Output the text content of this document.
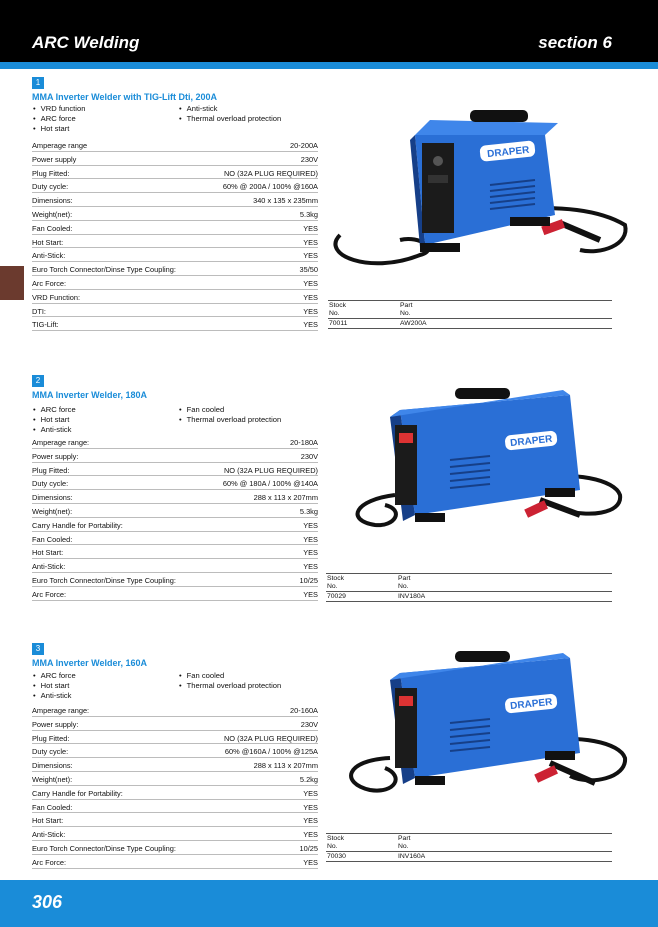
ARC Welding	section 6
1
MMA Inverter Welder with TIG-Lift Dti, 200A
• VRD function
• ARC force
• Hot start
• Anti-stick
• Thermal overload protection
Amperage range	20-200A
Power supply	230V
Plug Fitted:	NO (32A PLUG REQUIRED)
Duty cycle:	60% @ 200A / 100% @160A
Dimensions:	340 x 135 x 235mm
Weight(net):	5.3kg
Fan Cooled:	YES
Hot Start:	YES
Anti-Stick:	YES
Euro Torch Connector/Dinse Type Coupling:	35/50
Arc Force:	YES
VRD Function:	YES
DTI:	YES
TIG-Lift:	YES
Stock
No.
Part
No.
70011	AW200A
DRAPER
2
MMA Inverter Welder, 180A
• ARC force
• Hot start
• Anti-stick
• Fan cooled
• Thermal overload protection
Amperage range:	20-180A
Power supply:	230V
Plug Fitted:	NO (32A PLUG REQUIRED)
Duty cycle:	60% @ 180A / 100% @140A
Dimensions:	288 x 113 x 207mm
Weight(net):	5.3kg
Carry Handle for Portability:	YES
Fan Cooled:	YES
Hot Start:	YES
Anti-Stick:	YES
Euro Torch Connector/Dinse Type Coupling:	10/25
Arc Force:	YES
Stock
No.
Part
No.
70029	INV180A
DRAPER
3
MMA Inverter Welder, 160A
• ARC force
• Hot start
• Anti-stick
• Fan cooled
• Thermal overload protection
Amperage range:	20-160A
Power supply:	230V
Plug Fitted:	NO (32A PLUG REQUIRED)
Duty cycle:	60% @160A / 100% @125A
Dimensions:	288 x 113 x 207mm
Weight(net):	5.2kg
Carry Handle for Portability:	YES
Fan Cooled:	YES
Hot Start:	YES
Anti-Stick:	YES
Euro Torch Connector/Dinse Type Coupling:	10/25
Arc Force:	YES
Stock
No.
Part
No.
70030	INV160A
DRAPER
306
